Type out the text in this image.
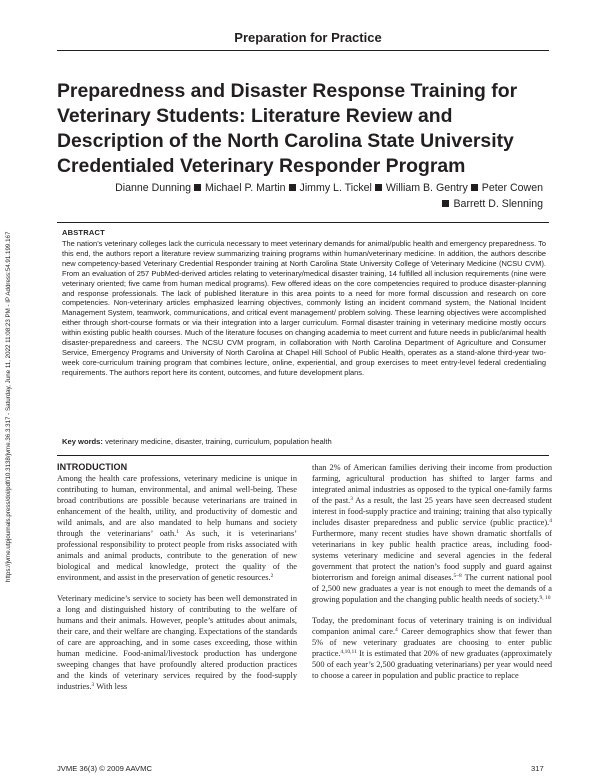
Preparation for Practice
Preparedness and Disaster Response Training for Veterinary Students: Literature Review and Description of the North Carolina State University Credentialed Veterinary Responder Program
Dianne Dunning Michael P. Martin Jimmy L. Tickel William B. Gentry Peter Cowen
Barrett D. Slenning
ABSTRACT

The nation’s veterinary colleges lack the curricula necessary to meet veterinary demands for animal/public health and emergency preparedness. To this end, the authors report a literature review summarizing training programs within human/veterinary medicine. In addition, the authors describe new competency-based Veterinary Credential Responder training at North Carolina State University College of Veterinary Medicine (NCSU CVM). From an evaluation of 257 PubMed-derived articles relating to veterinary/medical disaster training, 14 fulfilled all inclusion requirements (nine were veterinary oriented; five came from human medical programs). Few offered ideas on the core competencies required to produce disaster-planning and response professionals. The lack of published literature in this area points to a need for more formal discussion and research on core competencies. Non-veterinary articles emphasized learning objectives, commonly listing an incident command system, the National Incident Management System, teamwork, communications, and critical event management/ problem solving. These learning objectives were accomplished either through short-course formats or via their integration into a larger curriculum. Formal disaster training in veterinary medicine mostly occurs within existing public health courses. Much of the literature focuses on changing academia to meet current and future needs in public/animal health disaster-preparedness and careers. The NCSU CVM program, in collaboration with North Carolina Department of Agriculture and Consumer Service, Emergency Programs and University of North Carolina at Chapel Hill School of Public Health, operates as a stand-alone third-year two-week core-curriculum training program that combines lecture, online, experiential, and group exercises to meet entry-level federal credentialing requirements. The authors report here its content, outcomes, and future development plans.

Key words: veterinary medicine, disaster, training, curriculum, population health
INTRODUCTION

Among the health care professions, veterinary medicine is unique in contributing to human, environmental, and animal well-being. These broad contributions are possible because veterinarians are trained in enhancement of the health, utility, and productivity of domestic and wild animals, and are also mandated to help humans and society through the veterinarians’ oath.$^1$ As such, it is veterinarians’ professional responsibility to protect people from risks associated with animals and animal products, contribute to the generation of new biological and medical knowledge, protect the quality of the environment, and assist in the preservation of genetic resources.$^2$

Veterinary medicine’s service to society has been well demonstrated in a long and distinguished history of contributing to the welfare of humans and their animals. However, people’s attitudes about animals, their care, and their welfare are changing. Expectations of the standards of care are approaching, and in some cases exceeding, those within human medicine. Food-animal/livestock production has undergone sweeping changes that have profoundly altered production practices and the kinds of veterinary services required by the food-supply industries.$^3$ With less

than 2% of American families deriving their income from production farming, agricultural production has shifted to larger farms and integrated animal industries as opposed to the typical one-family farms of the past.$^3$ As a result, the last 25 years have seen decreased student interest in food-supply practice and training; training that also typically includes disaster preparedness and public service (public practice).$^4$ Furthermore, many recent studies have shown dramatic shortfalls of veterinarians in key public health practice areas, including food-systems veterinary medicine and several agencies in the federal government that protect the nation’s food supply and guard against bioterrorism and foreign animal diseases.$^{5-8}$ The current national pool of 2,500 new graduates a year is not enough to meet the demands of a growing population and the changing public health needs of society.$^{9, 10}$

Today, the predominant focus of veterinary training is on individual companion animal care.$^4$ Career demographics show that fewer than 5% of new veterinary graduates are choosing to enter public practice.$^{4,10,11}$ It is estimated that 20% of new graduates (approximately 500 of each year’s 2,500 graduating veterinarians) per year would need to choose a career in population and public practice to replace

JVME 36(3) © 2009 AAVMC	317
https://jvme.utpjournals.press/doi/pdf/10.3138/jvme.36.3.317 - Saturday, June 11, 2022 11:08:23 PM - IP Address:54.91.199.167
